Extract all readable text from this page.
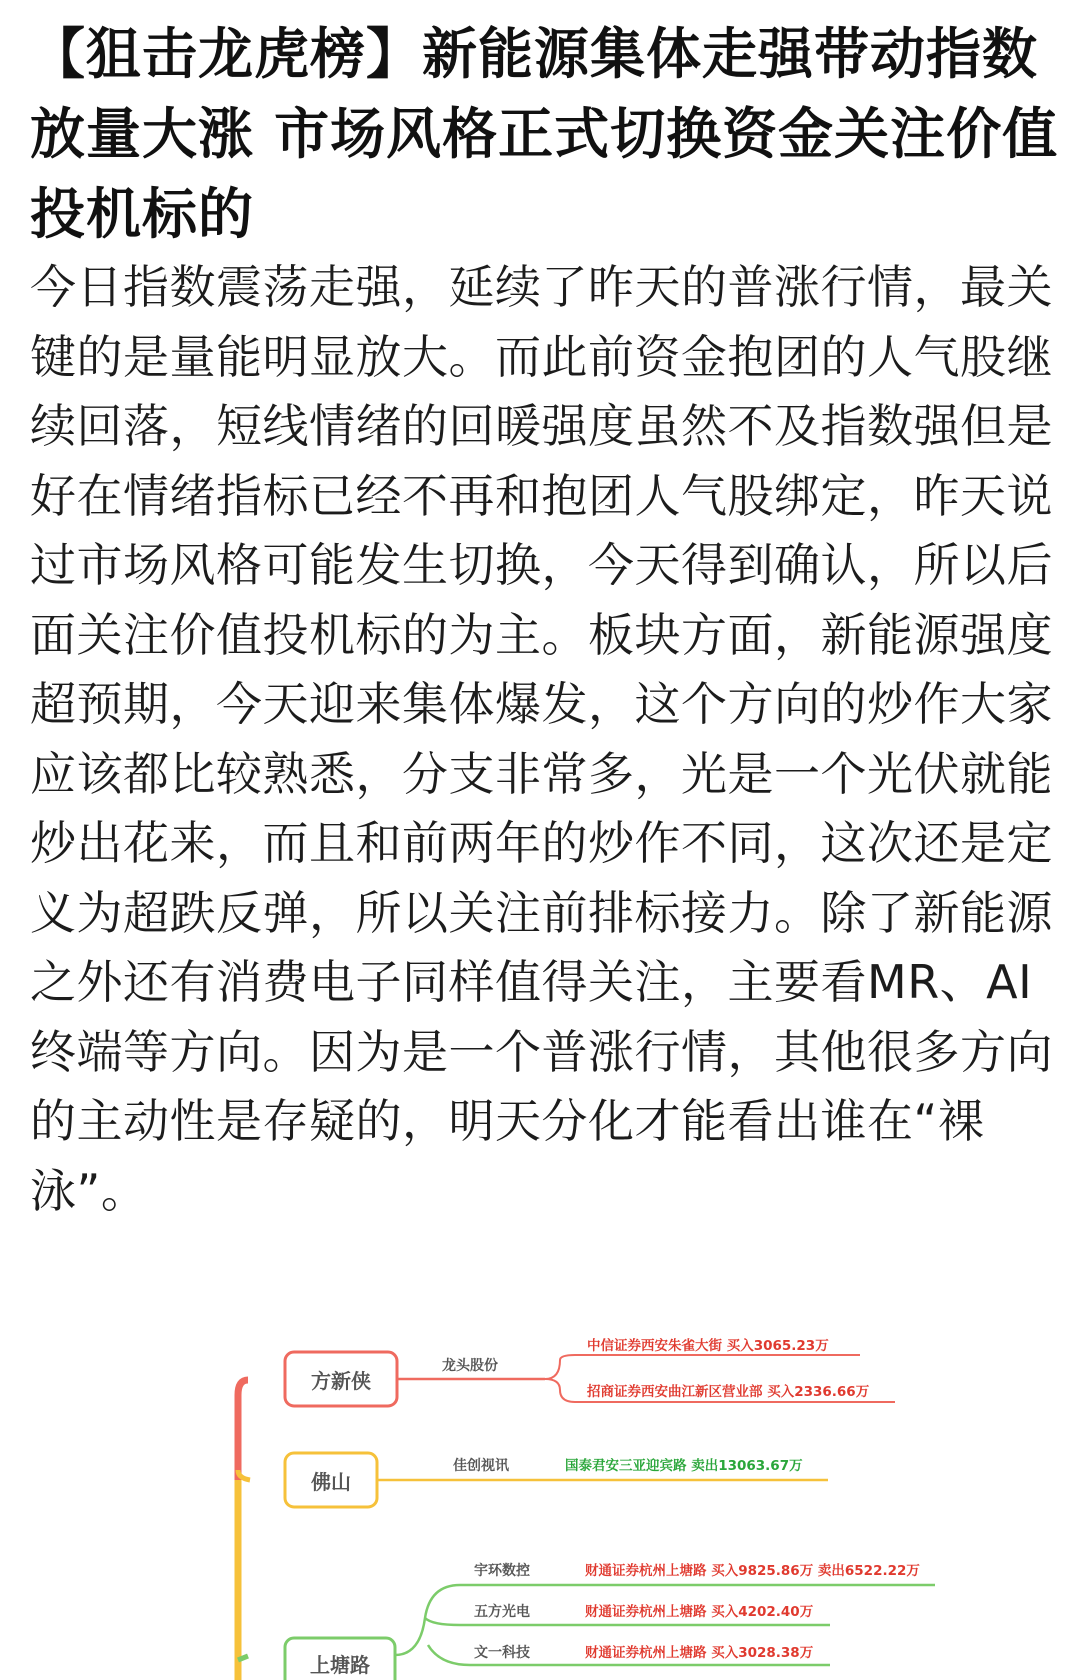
【狙击龙虎榜】新能源集体走强带动指数放量大涨 市场风格正式切换资金关注价值投机标的

今日指数震荡走强，延续了昨天的普涨行情，最关键的是量能明显放大。而此前资金抱团的人气股继续回落，短线情绪的回暖强度虽然不及指数强但是好在情绪指标已经不再和抱团人气股绑定，昨天说过市场风格可能发生切换，今天得到确认，所以后面关注价值投机标的为主。板块方面，新能源强度超预期，今天迎来集体爆发，这个方向的炒作大家应该都比较熟悉，分支非常多，光是一个光伏就能炒出花来，而且和前两年的炒作不同，这次还是定义为超跌反弹，所以关注前排标接力。除了新能源之外还有消费电子同样值得关注，主要看MR、AI终端等方向。因为是一个普涨行情，其他很多方向的主动性是存疑的，明天分化才能看出谁在“裸泳”。

方新侠
龙头股份
中信证券西安朱雀大街 买入3065.23万
招商证券西安曲江新区营业部 买入2336.66万
佛山
佳创视讯	国泰君安三亚迎宾路 卖出13063.67万
上塘路
宇环数控	财通证券杭州上塘路 买入9825.86万 卖出6522.22万
五方光电	财通证券杭州上塘路 买入4202.40万
文一科技	财通证券杭州上塘路 买入3028.38万
